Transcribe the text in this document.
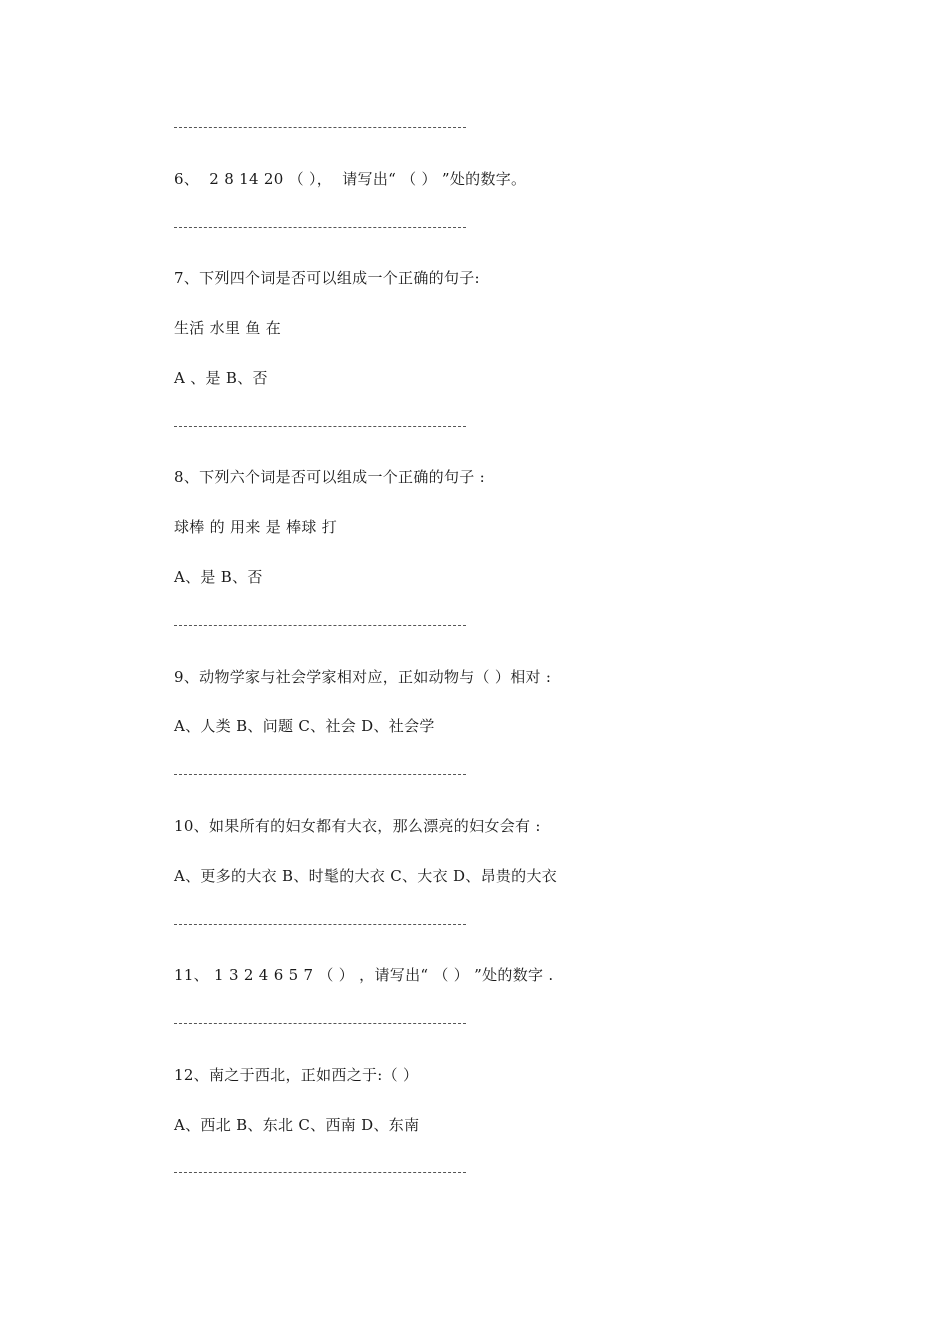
6、  2 8 14 20 （ ），  请写出“ （ ） ”处的数字。
7、下列四个词是否可以组成一个正确的句子:
生活 水里 鱼 在
A 、是 B、否
8、下列六个词是否可以组成一个正确的句子 :
球棒 的 用来 是 棒球 打
A、是 B、否
9、动物学家与社会学家相对应，正如动物与（ ）相对 :
A、人类 B、问题 C、社会 D、社会学
10、如果所有的妇女都有大衣，那么漂亮的妇女会有 :
A、更多的大衣 B、时髦的大衣 C、大衣 D、昂贵的大衣
11、 1 3 2 4 6 5 7 （ ） ，请写出“ （ ） ”处的数字 .
12、南之于西北，正如西之于:（ ）
A、西北 B、东北 C、西南 D、东南
